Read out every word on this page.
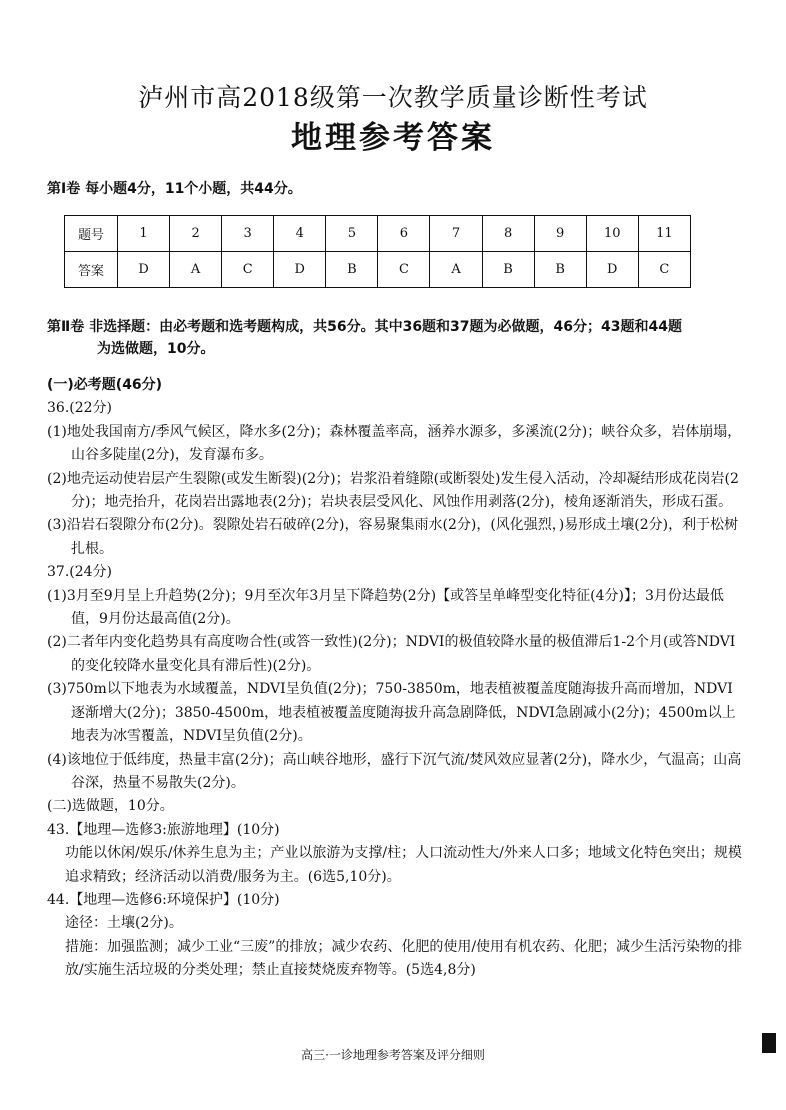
泸州市高2018级第一次教学质量诊断性考试
地理参考答案
第Ⅰ卷 每小题4分，11个小题，共44分。
题号	1	2	3	4	5	6	7	8	9	10	11
答案	D	A	C	D	B	C	A	B	B	D	C
第Ⅱ卷 非选择题：由必考题和选考题构成，共56分。其中36题和37题为必做题，46分；43题和44题
为选做题，10分。

(一)必考题(46分)

36.(22分)

(1)地处我国南方/季风气候区，降水多(2分)；森林覆盖率高，涵养水源多，多溪流(2分)；峡谷众多，岩体崩塌，山谷多陡崖(2分)，发育瀑布多。

(2)地壳运动使岩层产生裂隙(或发生断裂)(2分)；岩浆沿着缝隙(或断裂处)发生侵入活动，冷却凝结形成花岗岩(2分)；地壳抬升，花岗岩出露地表(2分)；岩块表层受风化、风蚀作用剥落(2分)，棱角逐渐消失，形成石蛋。

(3)沿岩石裂隙分布(2分)。裂隙处岩石破碎(2分)，容易聚集雨水(2分)，(风化强烈，)易形成土壤(2分)，利于松树扎根。

37.(24分)

(1)3月至9月呈上升趋势(2分)；9月至次年3月呈下降趋势(2分)【或答呈单峰型变化特征(4分)】；3月份达最低值，9月份达最高值(2分)。

(2)二者年内变化趋势具有高度吻合性(或答一致性)(2分)；NDVI的极值较降水量的极值滞后1-2个月(或答NDVI的变化较降水量变化具有滞后性)(2分)。

(3)750m以下地表为水域覆盖，NDVI呈负值(2分)；750-3850m，地表植被覆盖度随海拔升高而增加，NDVI逐渐增大(2分)；3850-4500m，地表植被覆盖度随海拔升高急剧降低，NDVI急剧减小(2分)；4500m以上地表为冰雪覆盖，NDVI呈负值(2分)。

(4)该地位于低纬度，热量丰富(2分)；高山峡谷地形，盛行下沉气流/焚风效应显著(2分)，降水少，气温高；山高谷深，热量不易散失(2分)。

(二)选做题，10分。

43.【地理—选修3:旅游地理】(10分)

功能以休闲/娱乐/休养生息为主；产业以旅游为支撑/柱；人口流动性大/外来人口多；地域文化特色突出；规模追求精致；经济活动以消费/服务为主。(6选5,10分)。

44.【地理—选修6:环境保护】(10分)

途径：土壤(2分)。

措施：加强监测；减少工业“三废”的排放；减少农药、化肥的使用/使用有机农药、化肥；减少生活污染物的排放/实施生活垃圾的分类处理；禁止直接焚烧废弃物等。(5选4,8分)

高三·一诊地理参考答案及评分细则
